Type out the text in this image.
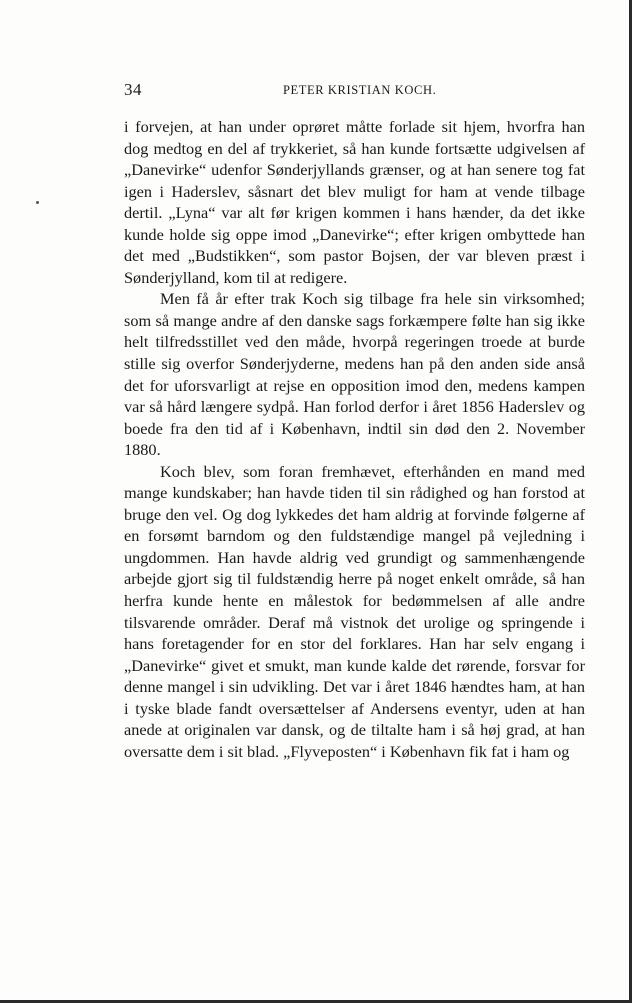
34	PETER KRISTIAN KOCH.

i forvejen, at han under oprøret måtte forlade sit hjem, hvorfra han dog medtog en del af trykkeriet, så han kunde fortsætte udgivelsen af „Danevirke“ udenfor Sønderjyllands grænser, og at han senere tog fat igen i Haderslev, såsnart det blev muligt for ham at vende tilbage dertil. „Lyna“ var alt før krigen kommen i hans hænder, da det ikke kunde holde sig oppe imod „Danevirke“; efter krigen ombyttede han det med „Budstikken“, som pastor Bojsen, der var bleven præst i Sønderjylland, kom til at redigere.

Men få år efter trak Koch sig tilbage fra hele sin virksomhed; som så mange andre af den danske sags forkæmpere følte han sig ikke helt tilfredsstillet ved den måde, hvorpå regeringen troede at burde stille sig overfor Sønderjyderne, medens han på den anden side anså det for uforsvarligt at rejse en opposition imod den, medens kampen var så hård længere sydpå. Han forlod derfor i året 1856 Haderslev og boede fra den tid af i København, indtil sin død den 2. November 1880.

Koch blev, som foran fremhævet, efterhånden en mand med mange kundskaber; han havde tiden til sin rådighed og han forstod at bruge den vel. Og dog lykkedes det ham aldrig at forvinde følgerne af en forsømt barndom og den fuldstændige mangel på vejledning i ungdommen. Han havde aldrig ved grundigt og sammenhængende arbejde gjort sig til fuldstændig herre på noget enkelt område, så han herfra kunde hente en målestok for bedømmelsen af alle andre tilsvarende områder. Deraf må vistnok det urolige og springende i hans foretagender for en stor del forklares. Han har selv engang i „Danevirke“ givet et smukt, man kunde kalde det rørende, forsvar for denne mangel i sin udvikling. Det var i året 1846 hændtes ham, at han i tyske blade fandt oversættelser af Andersens eventyr, uden at han anede at originalen var dansk, og de tiltalte ham i så høj grad, at han oversatte dem i sit blad. „Flyveposten“ i København fik fat i ham og
